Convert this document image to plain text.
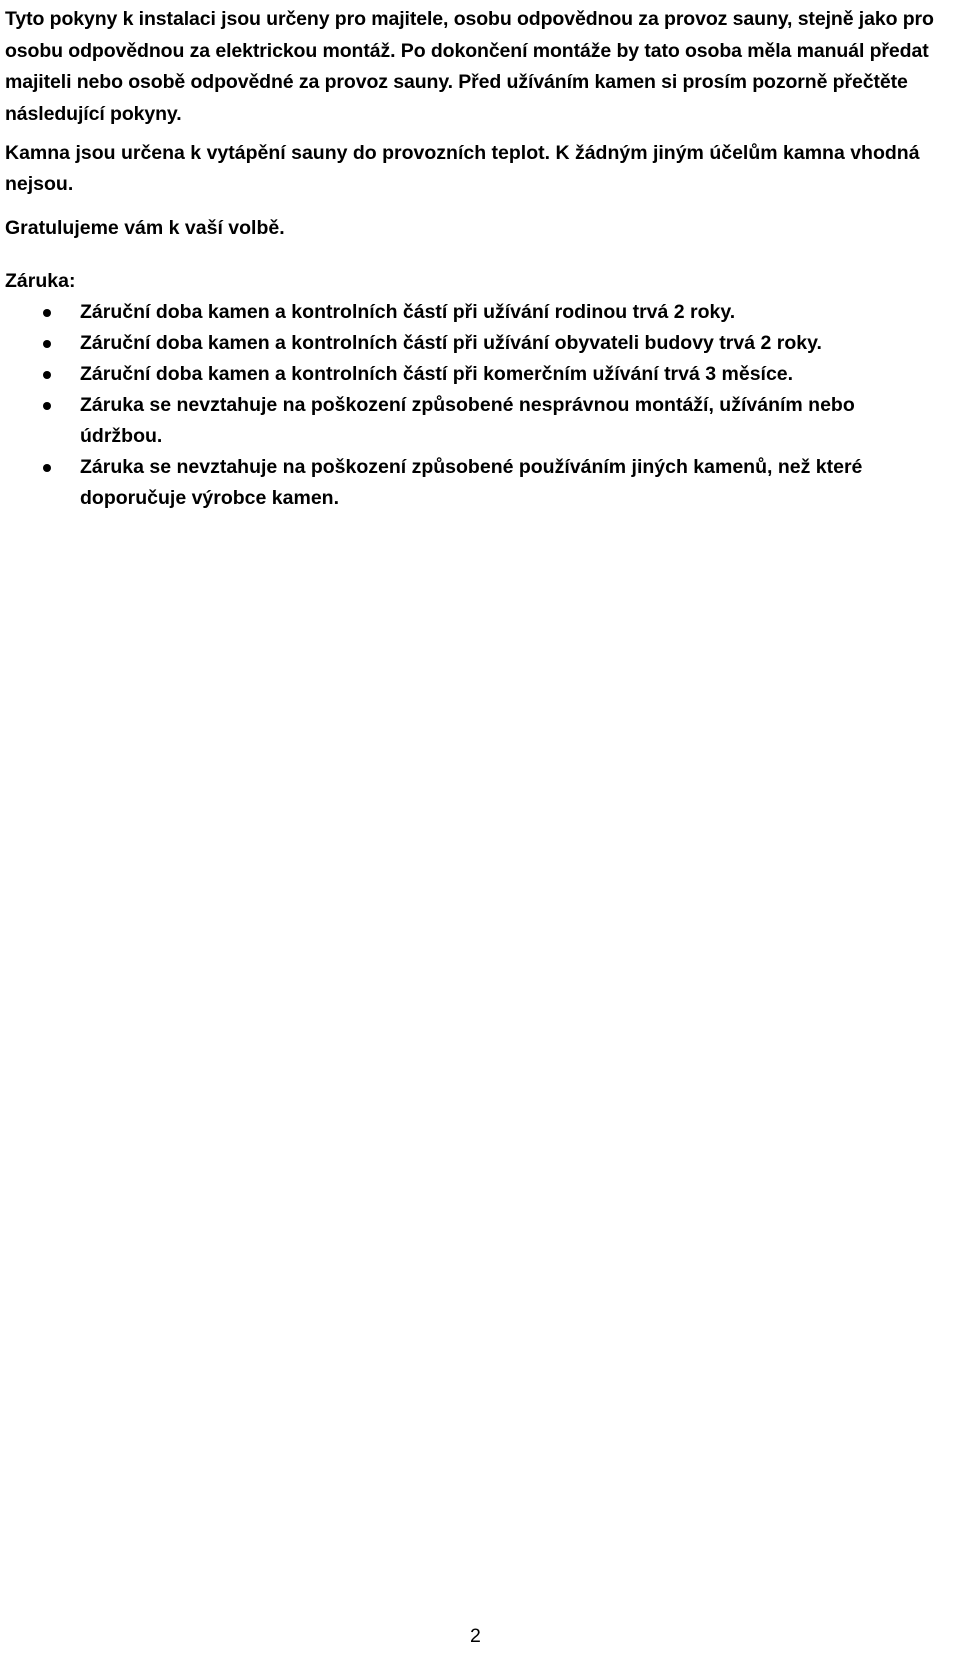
Tyto pokyny k instalaci jsou určeny pro majitele, osobu odpovědnou za provoz sauny, stejně jako pro osobu odpovědnou za elektrickou montáž. Po dokončení montáže by tato osoba měla manuál předat majiteli nebo osobě odpovědné za provoz sauny. Před užíváním kamen si prosím pozorně přečtěte následující pokyny.

Kamna jsou určena k vytápění sauny do provozních teplot. K žádným jiným účelům kamna vhodná nejsou.

Gratulujeme vám k vaší volbě.

Záruka:

Záruční doba kamen a kontrolních částí při užívání rodinou trvá 2 roky.
Záruční doba kamen a kontrolních částí při užívání obyvateli budovy trvá 2 roky.
Záruční doba kamen a kontrolních částí při komerčním užívání trvá 3 měsíce.
Záruka se nevztahuje na poškození způsobené nesprávnou montáží, užíváním nebo údržbou.
Záruka se nevztahuje na poškození způsobené používáním jiných kamenů, než které doporučuje výrobce kamen.
2
